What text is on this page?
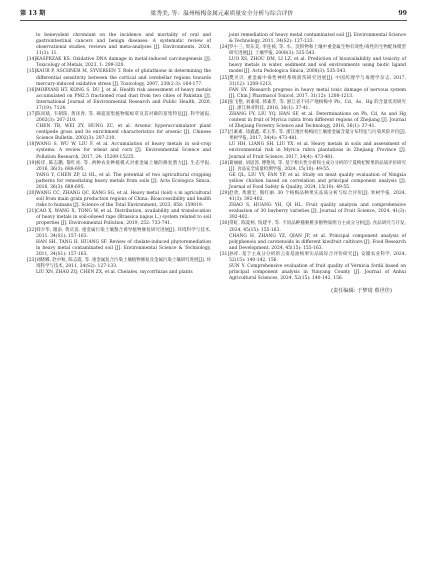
第 13 期	梁秀美, 等：温州杨梅金属元素质量安全分析与综合评价	99
to benevolent chromium on the incidence and mortality of oral and gastrointestinal cancers and benign diseases: A systematic review of observational studies, reviews and meta-analyses [J]. Environments, 2024, 11(3): 11.
[14] KASPRZAK KS. Oxidative DNA damage in metal-induced carcinogenesis [J]. Toxicology of Metals, 2023, 1: 299-320.
[15] KAUR P, ASCHNER M, SYVERSEN T. Role of glutathione in determining the differential sensitivity between the cortical and cerebellar regions towards mercury-induced oxidative stress [J]. Toxicology, 2007, 230(2-3): 164-177.
[16] MORYANI HT, KONG S, DU J, et al. Health risk assessment of heavy metals accumulated on PM2.5 fractioned road dust from two cities of Pakistan [J]. International Journal of Environmental Research and Public Health, 2020, 17(19): 7124.
[17] 陈同斌, 韦朝阳, 黄泽春, 等. 砷超富集植物蜈蚣草及其对砷的富集特征[J]. 科学通报, 2002(3): 207-210.
CHEN TB, WEI ZY, HUNG ZC, et al. Arsenic hyperaccumulator plant centipede grass and its enrichment characteristics for arsenic [J]. Chinese Science Bulletin, 2002(3): 207-210.
[18] WANG S, WU W, LIU F, et al. Accumulation of heavy metals in soil-crop systems: A review for wheat and corn [J]. Environmental Science and Pollution Research, 2017, 24: 15209-15225.
[19] 杨洋, 陈志鹏, 黎红亮, 等. 两种农业种植模式对重金属土壤的修复潜力[J]. 生态学报, 2016, 36(3): 688-695.
YANG Y, CHEN ZP, LI HL, et al. The potential of two agricultural cropping patterns for remediating heavy metals from soils [J]. Acta Ecologica Sinica, 2016, 36(3): 688-695.
[20] WANG CC, ZHANG QC, KANG SG, et al. Heavy metal (loid) s in agricultural soil from main grain production regions of China: Bioaccessibility and health risks to humans [J]. Science of the Total Environment, 2023, 858: 159819.
[21] CAO X, WANG X, TONG W, et al. Distribution, availability and translocation of heavy metals in soil-oilseed rape (Brassica napus L.) system related to soil properties [J]. Environmental Pollution, 2019, 252: 733-741.
[22] 韩少华, 谢添, 黄庆发. 重金属污染土壤螯合诱导植物修复研究进展[J]. 环境科学与技术, 2011, 34(S1): 157-163.
HAN SH, TANG H, HUANG SF. Review of chelate-induced phytoremediation in heavy metal contaminated soil [J]. Environmental Science & Technology, 2011, 34(S1): 157-163.
[23] 刘晓娜, 赵中秋, 陈志霞, 等. 重金属复合污染土壤植物修复及金属污染土壤研究进展[J]. 环境科学与技术, 2011, 34(S2): 127-133.
LIU XN, ZHAO ZQ, CHEN ZX, et al. Chelates, mycorrhizas and plants
joint remediation of heavy metal contaminated soil [J]. Environmental Science & Technology, 2011, 34(S2): 127-133.
[24] 罗小三, 周东美, 李连祯, 等. 水、沉积物和土壤中重金属生物有效性/毒性的生物配体模型研究进展[J]. 土壤学报, 2008(3): 535-543.
LUO XS, ZHOU DM, LI LZ, et al. Prediction of bioavailability and toxicity of heavy metals in water, sediment and soil environments using biotic ligand model [J]. Acta Pedologica Sinica, 2008(3): 535-543.
[25] 樊贝贝. 重金属中毒性神经系统损伤研究进展[J]. 中国药理学与毒理学杂志, 2017, 31(12): 1208-1213.
FAN SY. Research progress in heavy metal toxic damage of nervous system [J]. Chin J Pharmacol Toxicol, 2017, 31(12): 1208-1213.
[26] 张飞艳, 刘素娟, 韩素芳, 等. 浙江省不同产地杨梅中 Pb、Cd、As、Hg 的含量状况研究[J]. 浙江林业科技, 2016, 36(1): 37-41.
ZHANG FY, LIU YQ, HAN SF, et al. Determinations on Pb, Cd, As and Hg content in fruit of Myrica rubra from different regions of Zhejiang [J]. Journal of Zhejiang Forestry Science and Technology, 2016, 36(1): 37-41.
[27] 吕素素, 徐鑫鑫, 邓玉华, 等. 浙江地区杨梅园土壤重金属含量分布特征与污染风险评价[J]. 果树学报, 2017, 34(4): 473-481.
LU HH, LIANG SH, LIU YX, et al. Heavy metals in soils and assessment of environmental risk in Myrica rubra plantations in Zhejiang Province [J]. Journal of Fruit Science, 2017, 34(4): 473-481.
[28] 葛丽丽, 刘思茜, 傅艳凤, 等. 基于相关性分析和主成分分析的宁夏枸杞鲜果的品质评价研究[J]. 食品安全质量检测学报, 2024, 15(10): 49-55.
GE QL, LIU YY, FAN YP, et al. Study on meat quality evaluation of Ningxia yellow chicken based on correlation and principal component analysis [J]. Journal of Food Safety & Quality, 2024, 15(10): 49-55.
[29] 赵欣, 黄骏宏, 熊红丽. 30 个杨梅品种果实品质分析与综合评价[J]. 果树学报, 2024, 41(3): 392-402.
ZHAO S, HUANG YH, QI HL. Fruit quality analysis and comprehensive evaluation of 30 bayberry varieties [J]. Journal of Fruit Science, 2024, 41(3): 392-402.
[30] 常虹, 陈夏柯, 钱建平, 等. 不同品种猕猴桃多酚物质组分主成分分析[J]. 食品研究与开发, 2024, 45(15): 155-163.
CHANG H, ZHANG YZ, QIAN JP, et al. Principal component analysis of polyphenols and carotenoids in different kiwifruit cultivars [J]. Food Research and Development, 2024, 45(15): 155-163.
[31] 孙祥. 基于主成分分析的云南基油杨果实品质综合评价研究[J]. 安徽农业科学, 2024, 52(15): 140-142, 156.
SUN Y. Comprehensive evaluation of fruit quality of Vernicia fordii based on principal component analysis in Yunyang County [J]. Journal of Anhui Agricultural Sciences, 2024, 52(15): 140-142, 156.
(责任编辑: 于梦琦 蔡世佳)
